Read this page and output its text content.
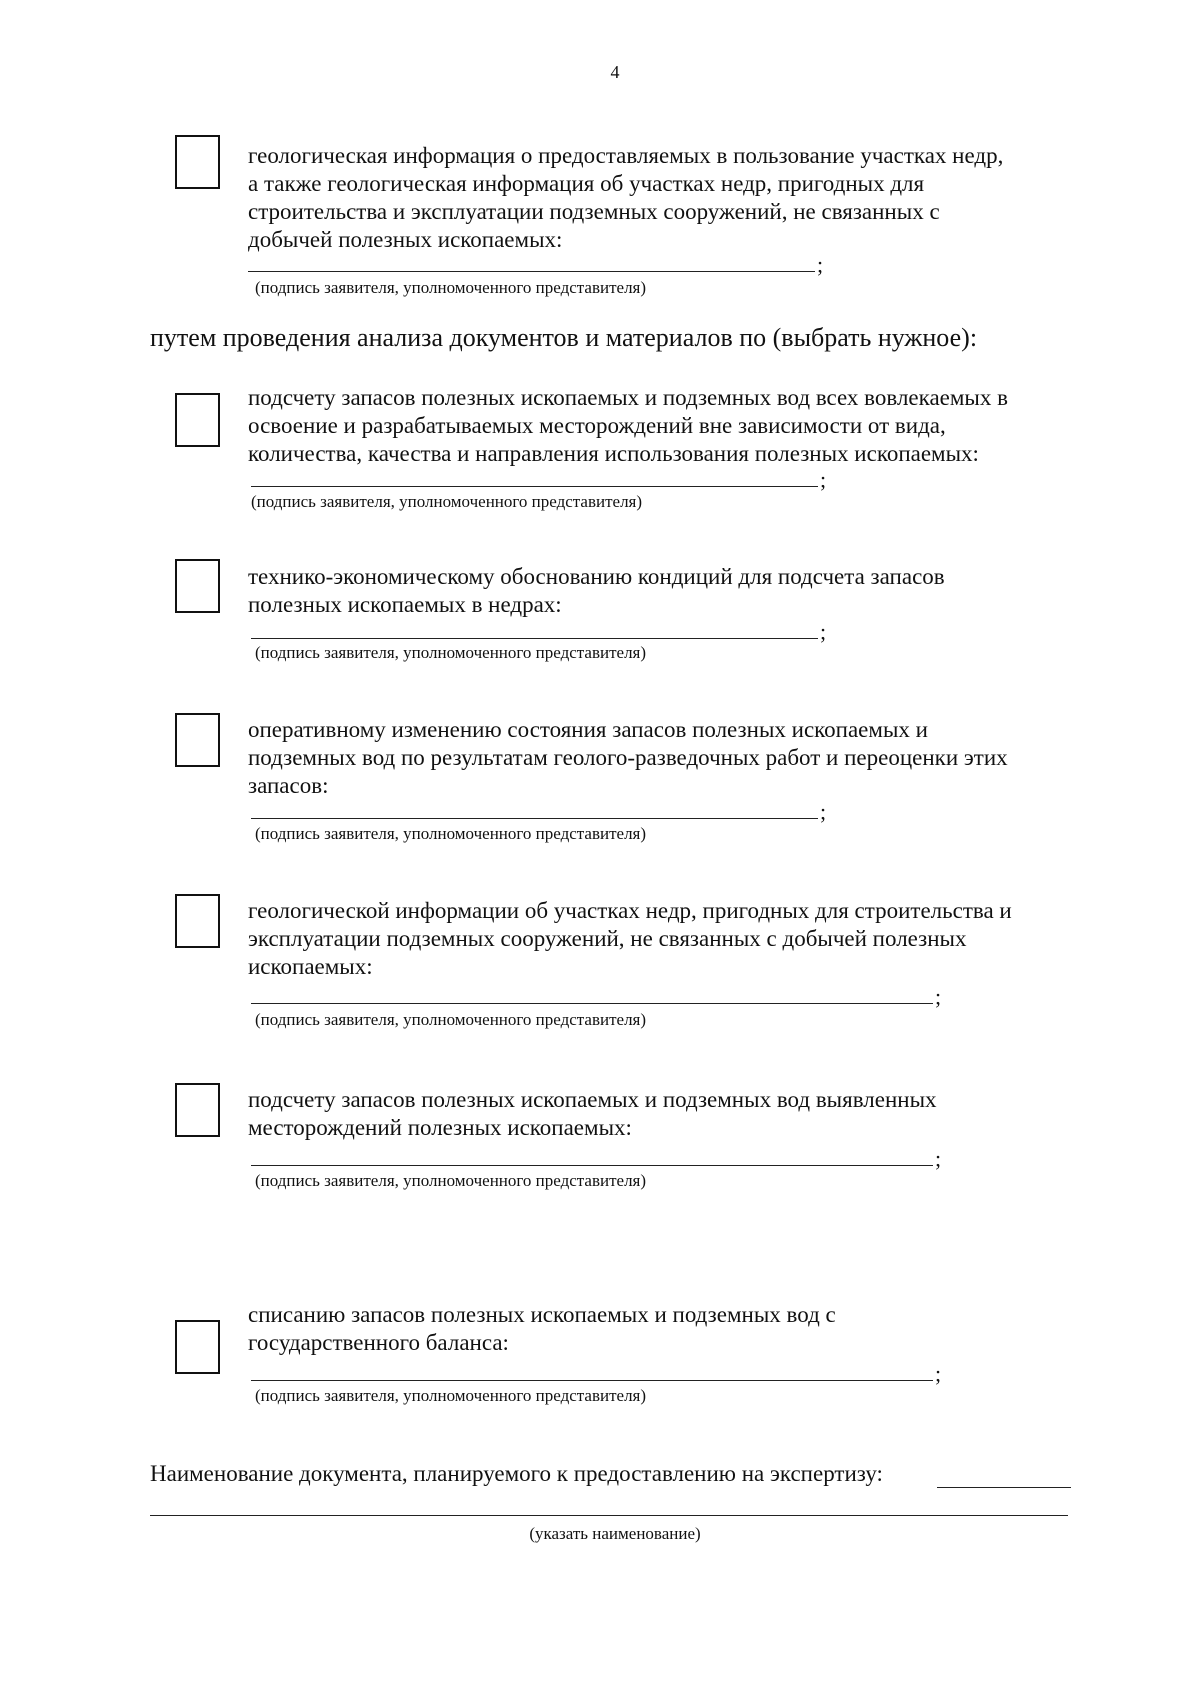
4

геологическая информация о предоставляемых в пользование участках недр,
а также геологическая информация об участках недр, пригодных для
строительства и эксплуатации подземных сооружений, не связанных с
добычей полезных ископаемых:

;
(подпись заявителя, уполномоченного представителя)

путем проведения анализа документов и материалов по (выбрать нужное):

подсчету запасов полезных ископаемых и подземных вод всех вовлекаемых в
освоение и разрабатываемых месторождений вне зависимости от вида,
количества, качества и направления использования полезных ископаемых:

;
(подпись заявителя, уполномоченного представителя)

технико-экономическому обоснованию кондиций для подсчета запасов
полезных ископаемых в недрах:

;
(подпись заявителя, уполномоченного представителя)

оперативному изменению состояния запасов полезных ископаемых и
подземных вод по результатам геолого-разведочных работ и переоценки этих
запасов:

;
(подпись заявителя, уполномоченного представителя)

геологической информации об участках недр, пригодных для строительства и
эксплуатации подземных сооружений, не связанных с добычей полезных
ископаемых:

;
(подпись заявителя, уполномоченного представителя)

подсчету запасов полезных ископаемых и подземных вод выявленных
месторождений полезных ископаемых:

;
(подпись заявителя, уполномоченного представителя)

списанию запасов полезных ископаемых и подземных вод с
государственного баланса:

;
(подпись заявителя, уполномоченного представителя)

Наименование документа, планируемого к предоставлению на экспертизу:

(указать наименование)
